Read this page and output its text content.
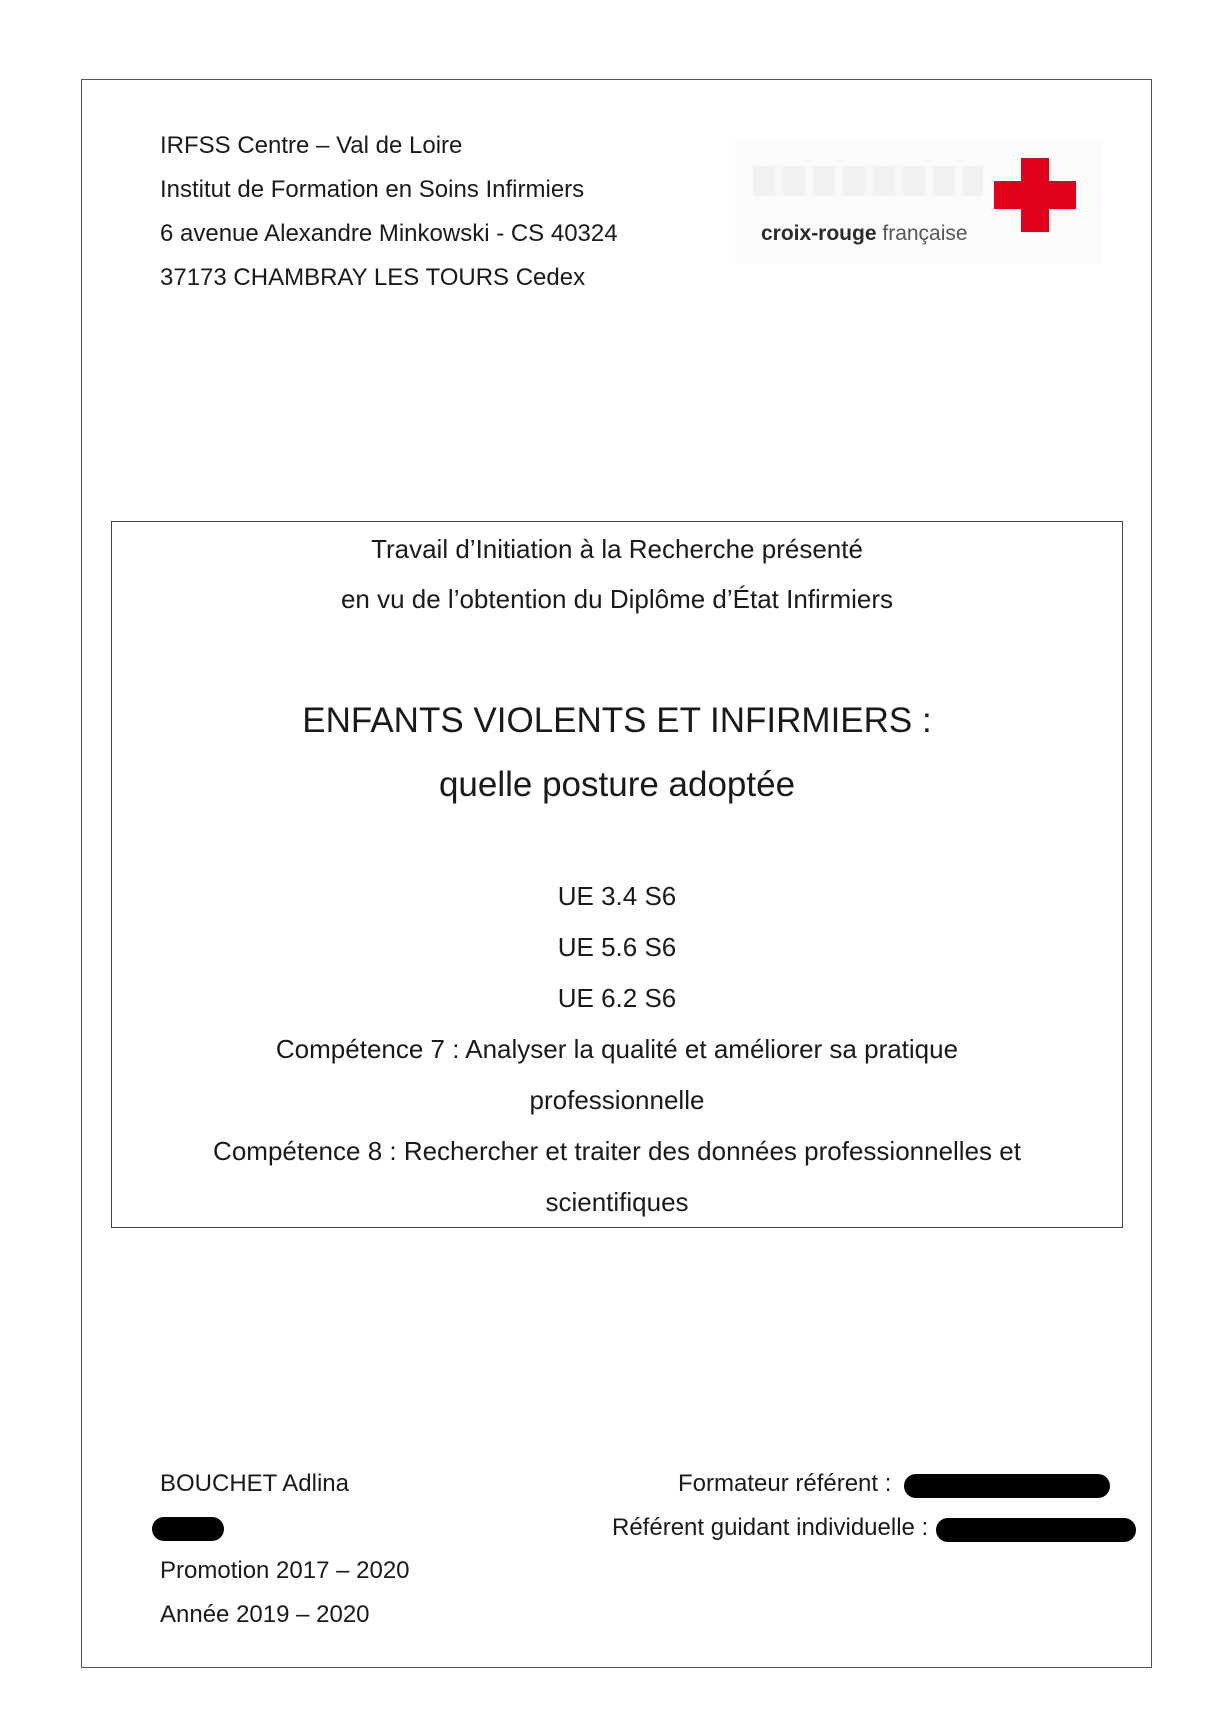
IRFSS Centre – Val de Loire
Institut de Formation en Soins Infirmiers
6 avenue Alexandre Minkowski - CS 40324
37173 CHAMBRAY LES TOURS Cedex
croix-rouge française
Travail d’Initiation à la Recherche présenté
en vu de l’obtention du Diplôme d’État Infirmiers
ENFANTS VIOLENTS ET INFIRMIERS :
quelle posture adoptée
UE 3.4 S6
UE 5.6 S6
UE 6.2 S6
Compétence 7 : Analyser la qualité et améliorer sa pratique
professionnelle
Compétence 8 : Rechercher et traiter des données professionnelles et
scientifiques
BOUCHET Adlina
Promotion 2017 – 2020
Année 2019 – 2020
Formateur référent :
Référent guidant individuelle :
